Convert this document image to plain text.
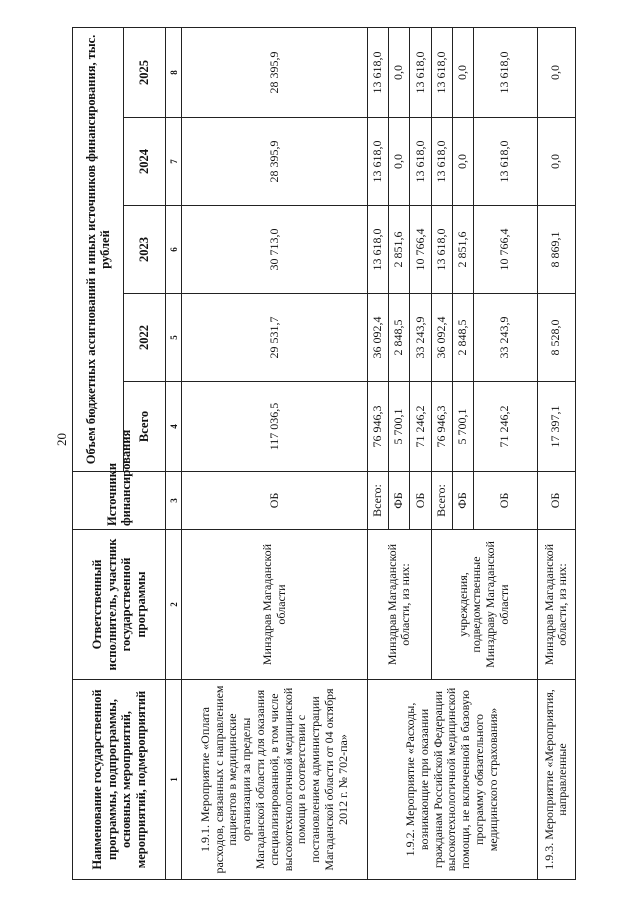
20
Наименование государственной программы, подпрограммы, основных мероприятий, мероприятий, подмероприятий	Ответственный исполнитель, участник государственной программы	Источники финансирования	Объем бюджетных ассигнований и иных источников финансирования, тыс. рублей				
			Всего	2022	2023	2024	2025
1	2	3	4	5	6	7	8
1.9.1. Мероприятие «Оплата расходов, связанных с направлением пациентов в медицинские организации за пределы Магаданской области для оказания специализированной, в том числе высокотехнологичной медицинской помощи в соответствии с постановлением администрации Магаданской области от 04 октября 2012 г. № 702-па»	Минздрав Магаданской области	ОБ	117 036,5	29 531,7	30 713,0	28 395,9	28 395,9
1.9.2. Мероприятие «Расходы, возникающие при оказании гражданам Российской Федерации высокотехнологичной медицинской помощи, не включенной в базовую программу обязательного медицинского страхования»	Минздрав Магаданской области, из них:	Всего:	76 946,3	36 092,4	13 618,0	13 618,0	13 618,0
		ФБ	5 700,1	2 848,5	2 851,6	0,0	0,0
		ОБ	71 246,2	33 243,9	10 766,4	13 618,0	13 618,0
	учреждения, подведомственные Минздраву Магаданской области	Всего:	76 946,3	36 092,4	13 618,0	13 618,0	13 618,0
		ФБ	5 700,1	2 848,5	2 851,6	0,0	0,0
		ОБ	71 246,2	33 243,9	10 766,4	13 618,0	13 618,0
1.9.3. Мероприятие «Мероприятия, направленные	Минздрав Магаданской области, из них:	ОБ	17 397,1	8 528,0	8 869,1	0,0	0,0
